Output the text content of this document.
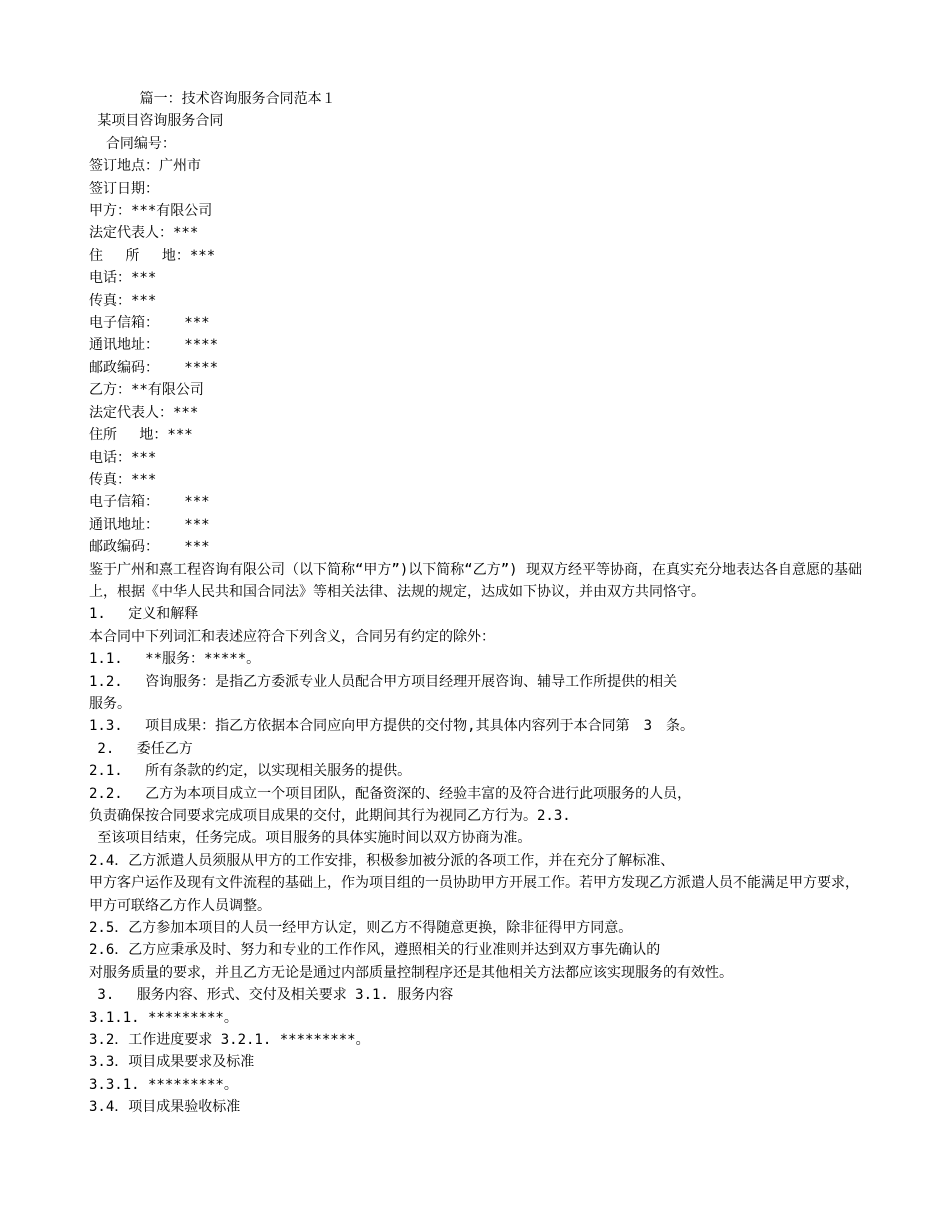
篇一：技术咨询服务合同范本１
某项目咨询服务合同
合同编号：
签订地点：广州市
签订日期：
甲方：***有限公司
法定代表人：***
住　 所　 地：***
电话：***
传真：***
电子信箱：   ***
通讯地址：   ****
邮政编码：   ****
乙方：**有限公司
法定代表人：***
住所　 地：***
电话：***
传真：***
电子信箱：   ***
通讯地址：   ***
邮政编码：   ***

鉴于广州和熹工程咨询有限公司（以下简称“甲方”)以下简称“乙方”) 现双方经平等协商，在真实充分地表达各自意愿的基础上，根据《中华人民共和国合同法》等相关法律、法规的规定，达成如下协议，并由双方共同恪守。

1.　 定义和解释
本合同中下列词汇和表述应符合下列含义，合同另有约定的除外：
1.1.　 **服务：*****。
1.2.　 咨询服务：是指乙方委派专业人员配合甲方项目经理开展咨询、辅导工作所提供的相关
服务。
1.3.　 项目成果：指乙方依据本合同应向甲方提供的交付物,其具体内容列于本合同第　3　条。
2.　 委任乙方
2.1.　 所有条款的约定，以实现相关服务的提供。
2.2.　 乙方为本项目成立一个项目团队，配备资深的、经验丰富的及符合进行此项服务的人员，
负责确保按合同要求完成项目成果的交付，此期间其行为视同乙方行为。2.3.
至该项目结束，任务完成。项目服务的具体实施时间以双方协商为准。
2.4．乙方派遣人员须服从甲方的工作安排，积极参加被分派的各项工作，并在充分了解标准、

甲方客户运作及现有文件流程的基础上，作为项目组的一员协助甲方开展工作。若甲方发现乙方派遣人员不能满足甲方要求，甲方可联络乙方作人员调整。

2.5．乙方参加本项目的人员一经甲方认定，则乙方不得随意更换，除非征得甲方同意。
2.6．乙方应秉承及时、努力和专业的工作作风，遵照相关的行业准则并达到双方事先确认的
对服务质量的要求，并且乙方无论是通过内部质量控制程序还是其他相关方法都应该实现服务的有效性。
3.　 服务内容、形式、交付及相关要求 3.1. 服务内容
3.1.1. *********。
3.2．工作进度要求 3.2.1. *********。
3.3．项目成果要求及标准
3.3.1. *********。
3.4．项目成果验收标准
